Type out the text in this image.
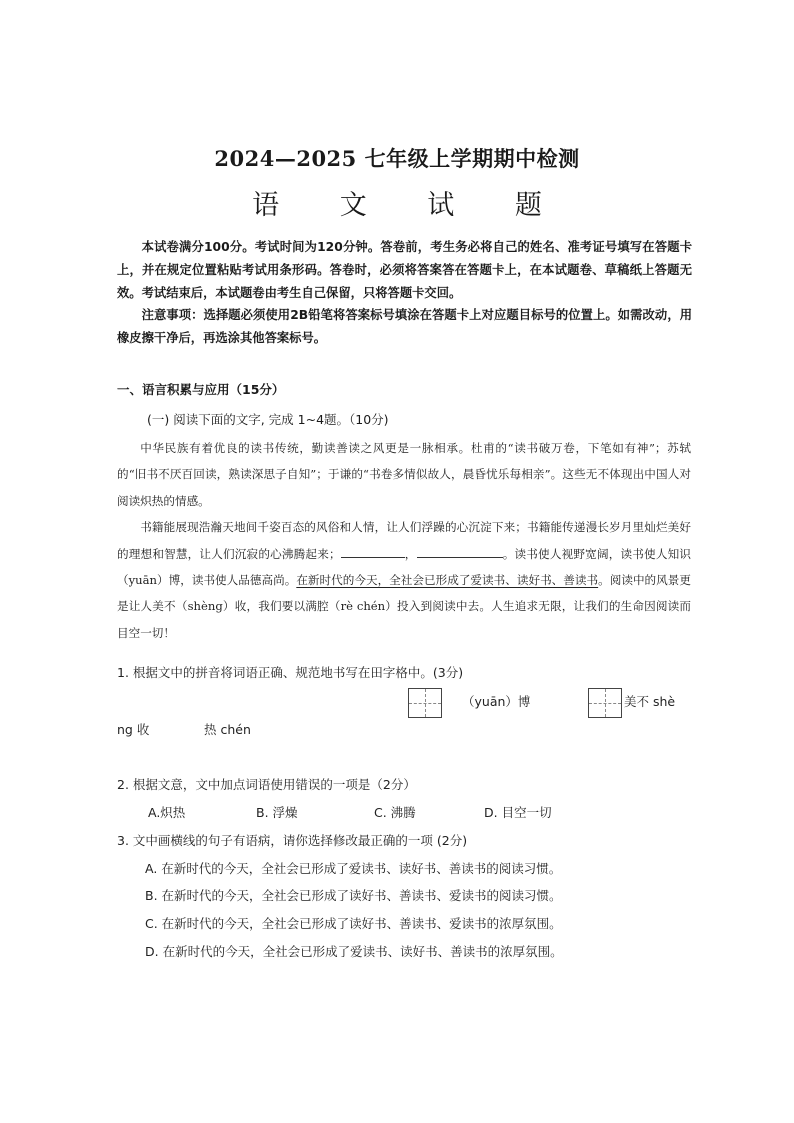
2024—2025 七年级上学期期中检测
语 文 试 题

本试卷满分100分。考试时间为120分钟。答卷前，考生务必将自己的姓名、准考证号填写在答题卡上，并在规定位置粘贴考试用条形码。答卷时，必须将答案答在答题卡上，在本试题卷、草稿纸上答题无效。考试结束后，本试题卷由考生自己保留，只将答题卡交回。

注意事项：选择题必须使用2B铅笔将答案标号填涂在答题卡上对应题目标号的位置上。如需改动，用橡皮擦干净后，再选涂其他答案标号。

一、语言积累与应用（15分）
(一) 阅读下面的文字, 完成 1~4题。（10分)

中华民族有着优良的读书传统，勤读善读之风更是一脉相承。杜甫的“读书破万卷，下笔如有神”；苏轼的“旧书不厌百回读，熟读深思子自知”；于谦的“书卷多情似故人，晨昏忧乐每相亲”。这些无不体现出中国人对阅读炽热的情感。

书籍能展现浩瀚天地间千姿百态的风俗和人情，让人们浮躁的心沉淀下来；书籍能传递漫长岁月里灿烂美好的理想和智慧，让人们沉寂的心沸腾起来；	，	。读书使人视野宽阔，读书使人知识（yuān）博，读书使人品德高尚。在新时代的今天，全社会已形成了爱读书、读好书、善读书。阅读中的风景更是让人美不（shèng）收，我们要以满腔（rè chén）投入到阅读中去。人生追求无限，让我们的生命因阅读而目空一切！

1. 根据文中的拼音将词语正确、规范地书写在田字格中。(3分)
（yuān）博	美不 shè
ng 收	热 chén
2. 根据文意，文中加点词语使用错误的一项是（2分）
A.炽热	B. 浮燥	C. 沸腾	D. 目空一切
3. 文中画横线的句子有语病，请你选择修改最正确的一项 (2分)
A. 在新时代的今天，全社会已形成了爱读书、读好书、善读书的阅读习惯。
B. 在新时代的今天，全社会已形成了读好书、善读书、爱读书的阅读习惯。
C. 在新时代的今天，全社会已形成了读好书、善读书、爱读书的浓厚氛围。
D. 在新时代的今天，全社会已形成了爱读书、读好书、善读书的浓厚氛围。
